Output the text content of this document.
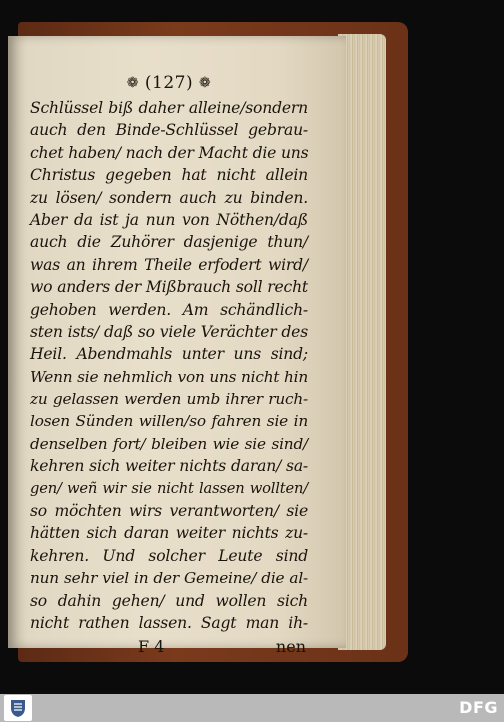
❁ (127) ❁
Schlüssel biß daher alleine/sondern
auch den Binde-Schlüssel gebrau-
chet haben/ nach der Macht die uns
Christus gegeben hat nicht allein
zu lösen/ sondern auch zu binden.
Aber da ist ja nun von Nöthen/daß
auch die Zuhörer dasjenige thun/
was an ihrem Theile erfodert wird/
wo anders der Mißbrauch soll recht
gehoben werden. Am schändlich-
sten ists/ daß so viele Verächter des
Heil. Abendmahls unter uns sind;
Wenn sie nehmlich von uns nicht hin
zu gelassen werden umb ihrer ruch-
losen Sünden willen/so fahren sie in
denselben fort/ bleiben wie sie sind/
kehren sich weiter nichts daran/ sa-
gen/ weñ wir sie nicht lassen wollten/
so möchten wirs verantworten/ sie
hätten sich daran weiter nichts zu-
kehren. Und solcher Leute sind
nun sehr viel in der Gemeine/ die al-
so dahin gehen/ und wollen sich
nicht rathen lassen. Sagt man ih-
F 4	nen
DFG
